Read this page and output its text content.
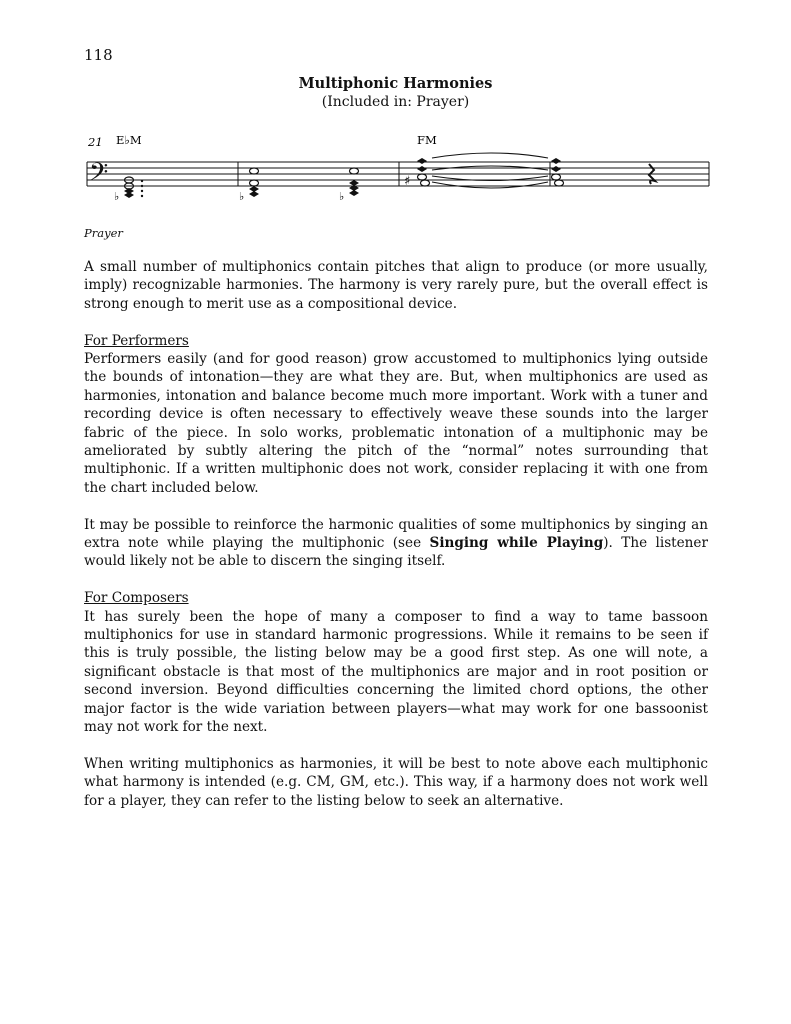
118
Multiphonic Harmonies
(Included in: Prayer)
𝄢
21 E♭M	FM
♭	♭	♭
♯
Prayer

A small number of multiphonics contain pitches that align to produce (or more usually, imply) recognizable harmonies. The harmony is very rarely pure, but the overall effect is strong enough to merit use as a compositional device.

For Performers
Performers easily (and for good reason) grow accustomed to multiphonics lying outside the bounds of intonation—they are what they are. But, when multiphonics are used as harmonies, intonation and balance become much more important. Work with a tuner and recording device is often necessary to effectively weave these sounds into the larger fabric of the piece. In solo works, problematic intonation of a multiphonic may be ameliorated by subtly altering the pitch of the “normal” notes surrounding that multiphonic. If a written multiphonic does not work, consider replacing it with one from the chart included below.

It may be possible to reinforce the harmonic qualities of some multiphonics by singing an extra note while playing the multiphonic (see Singing while Playing). The listener would likely not be able to discern the singing itself.

For Composers
It has surely been the hope of many a composer to find a way to tame bassoon multiphonics for use in standard harmonic progressions. While it remains to be seen if this is truly possible, the listing below may be a good first step. As one will note, a significant obstacle is that most of the multiphonics are major and in root position or second inversion. Beyond difficulties concerning the limited chord options, the other major factor is the wide variation between players—what may work for one bassoonist may not work for the next.

When writing multiphonics as harmonies, it will be best to note above each multiphonic what harmony is intended (e.g. CM, GM, etc.). This way, if a harmony does not work well for a player, they can refer to the listing below to seek an alternative.
